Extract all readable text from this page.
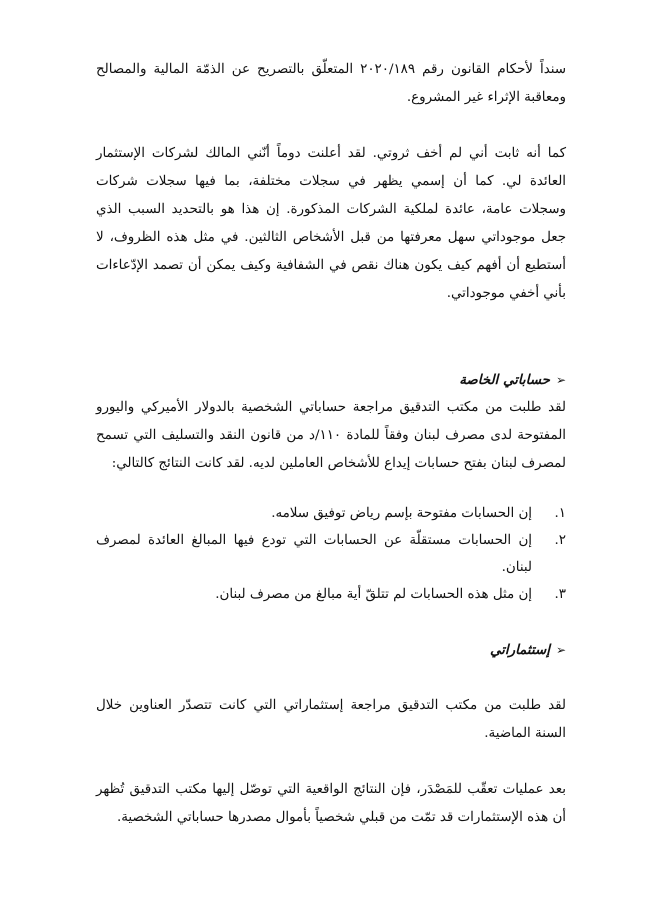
سنداً لأحكام القانون رقم ٢٠٢٠/١٨٩ المتعلّق بالتصريح عن الذمّة المالية والمصالح ومعاقبة الإثراء غير المشروع.

كما أنه ثابت أني لم أخف ثروتي. لقد أعلنت دوماً أنّني المالك لشركات الإستثمار العائدة لي. كما أن إسمي يظهر في سجلات مختلفة، بما فيها سجلات شركات وسجلات عامة، عائدة لملكية الشركات المذكورة. إن هذا هو بالتحديد السبب الذي جعل موجوداتي سهل معرفتها من قبل الأشخاص الثالثين. في مثل هذه الظروف، لا أستطيع أن أفهم كيف يكون هناك نقص في الشفافية وكيف يمكن أن تصمد الإدّعاءات بأني أخفي موجوداتي.

➢
حساباتي الخاصة

لقد طلبت من مكتب التدقيق مراجعة حساباتي الشخصية بالدولار الأميركي واليورو المفتوحة لدى مصرف لبنان وفقاً للمادة ١١٠/د من قانون النقد والتسليف التي تسمح لمصرف لبنان بفتح حسابات إيداع للأشخاص العاملين لديه. لقد كانت النتائج كالتالي:

١.
إن الحسابات مفتوحة بإسم رياض توفيق سلامه.
٢.
إن الحسابات مستقلّة عن الحسابات التي تودع فيها المبالغ العائدة لمصرف لبنان.
٣.
إن مثل هذه الحسابات لم تتلقّ أية مبالغ من مصرف لبنان.
➢
إستثماراتي

لقد طلبت من مكتب التدقيق مراجعة إستثماراتي التي كانت تتصدّر العناوين خلال السنة الماضية.

بعد عمليات تعقّب للمَصْدَر، فإن النتائج الواقعية التي توصّل إليها مكتب التدقيق تُظهر أن هذه الإستثمارات قد تمّت من قبلي شخصياً بأموال مصدرها حساباتي الشخصية.
